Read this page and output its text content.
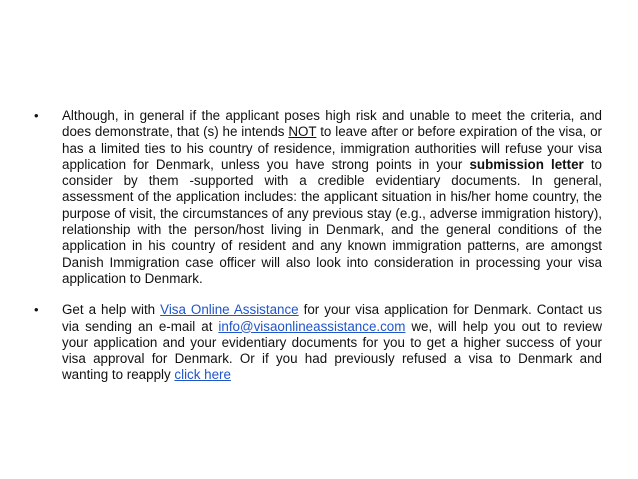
• Although, in general if the applicant poses high risk and unable to meet the criteria, and does demonstrate, that (s) he intends NOT to leave after or before expiration of the visa, or has a limited ties to his country of residence, immigration authorities will refuse your visa application for Denmark, unless you have strong points in your submission letter to consider by them -supported with a credible evidentiary documents. In general, assessment of the application includes: the applicant situation in his/her home country, the purpose of visit, the circumstances of any previous stay (e.g., adverse immigration history), relationship with the person/host living in Denmark, and the general conditions of the application in his country of resident and any known immigration patterns, are amongst Danish Immigration case officer will also look into consideration in processing your visa application to Denmark.
• Get a help with Visa Online Assistance for your visa application for Denmark. Contact us via sending an e-mail at info@visaonlineassistance.com we, will help you out to review your application and your evidentiary documents for you to get a higher success of your visa approval for Denmark. Or if you had previously refused a visa to Denmark and wanting to reapply click here
